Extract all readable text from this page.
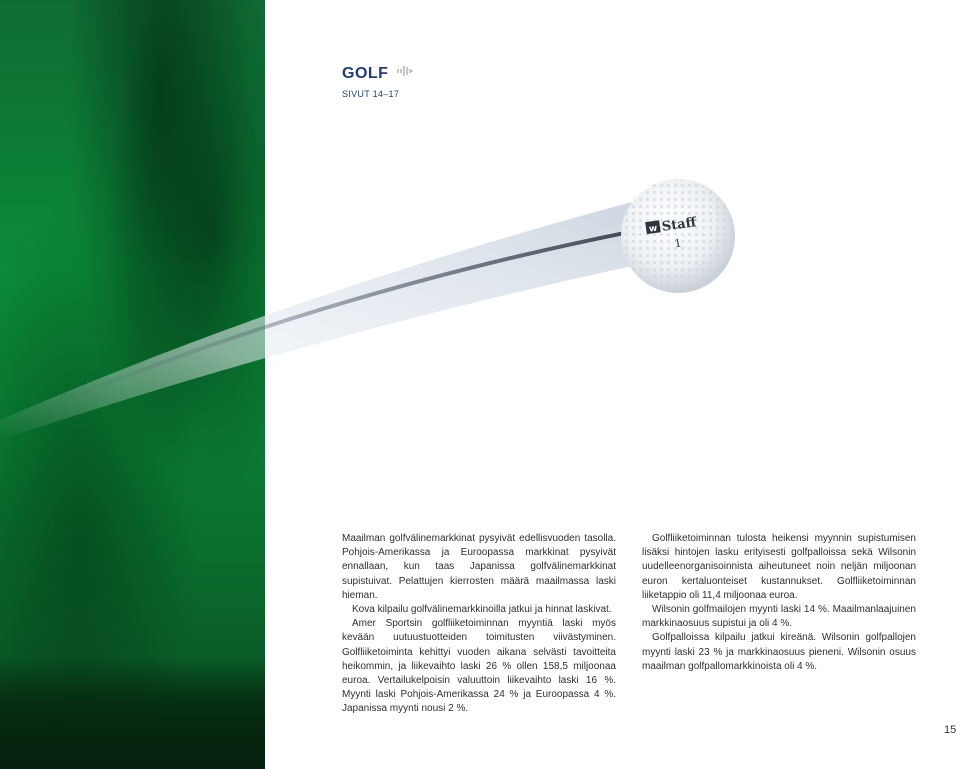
w Staff
1
GOLF
SIVUT 14–17

Maailman golfvälinemarkkinat pysyivät edellisvuoden tasolla. Pohjois-Amerikassa ja Euroopassa markkinat pysyivät ennallaan, kun taas Japanissa golfvälinemarkkinat supistuivat. Pelattujen kierrosten määrä maailmassa laski hieman.

Kova kilpailu golfvälinemarkkinoilla jatkui ja hinnat laskivat.

Amer Sportsin golfliiketoiminnan myyntiä laski myös kevään uutuustuotteiden toimitusten viivästyminen. Golfliiketoiminta kehittyi vuoden aikana selvästi tavoitteita heikommin, ja liikevaihto laski 26 % ollen 158,5 miljoonaa euroa. Vertailukelpoisin valuuttoin liikevaihto laski 16 %. Myynti laski Pohjois-Amerikassa 24 % ja Euroopassa 4 %. Japanissa myynti nousi 2 %.

Golfliiketoiminnan tulosta heikensi myynnin supistumisen lisäksi hintojen lasku erityisesti golfpalloissa sekä Wilsonin uudelleenorganisoinnista aiheutuneet noin neljän miljoonan euron kertaluonteiset kustannukset. Golfliiketoiminnan liiketappio oli 11,4 miljoonaa euroa.

Wilsonin golfmailojen myynti laski 14 %. Maailmanlaajuinen markkinaosuus supistui ja oli 4 %.

Golfpalloissa kilpailu jatkui kireänä. Wilsonin golfpallojen myynti laski 23 % ja markkinaosuus pieneni. Wilsonin osuus maailman golfpallomarkkinoista oli 4 %.

15
